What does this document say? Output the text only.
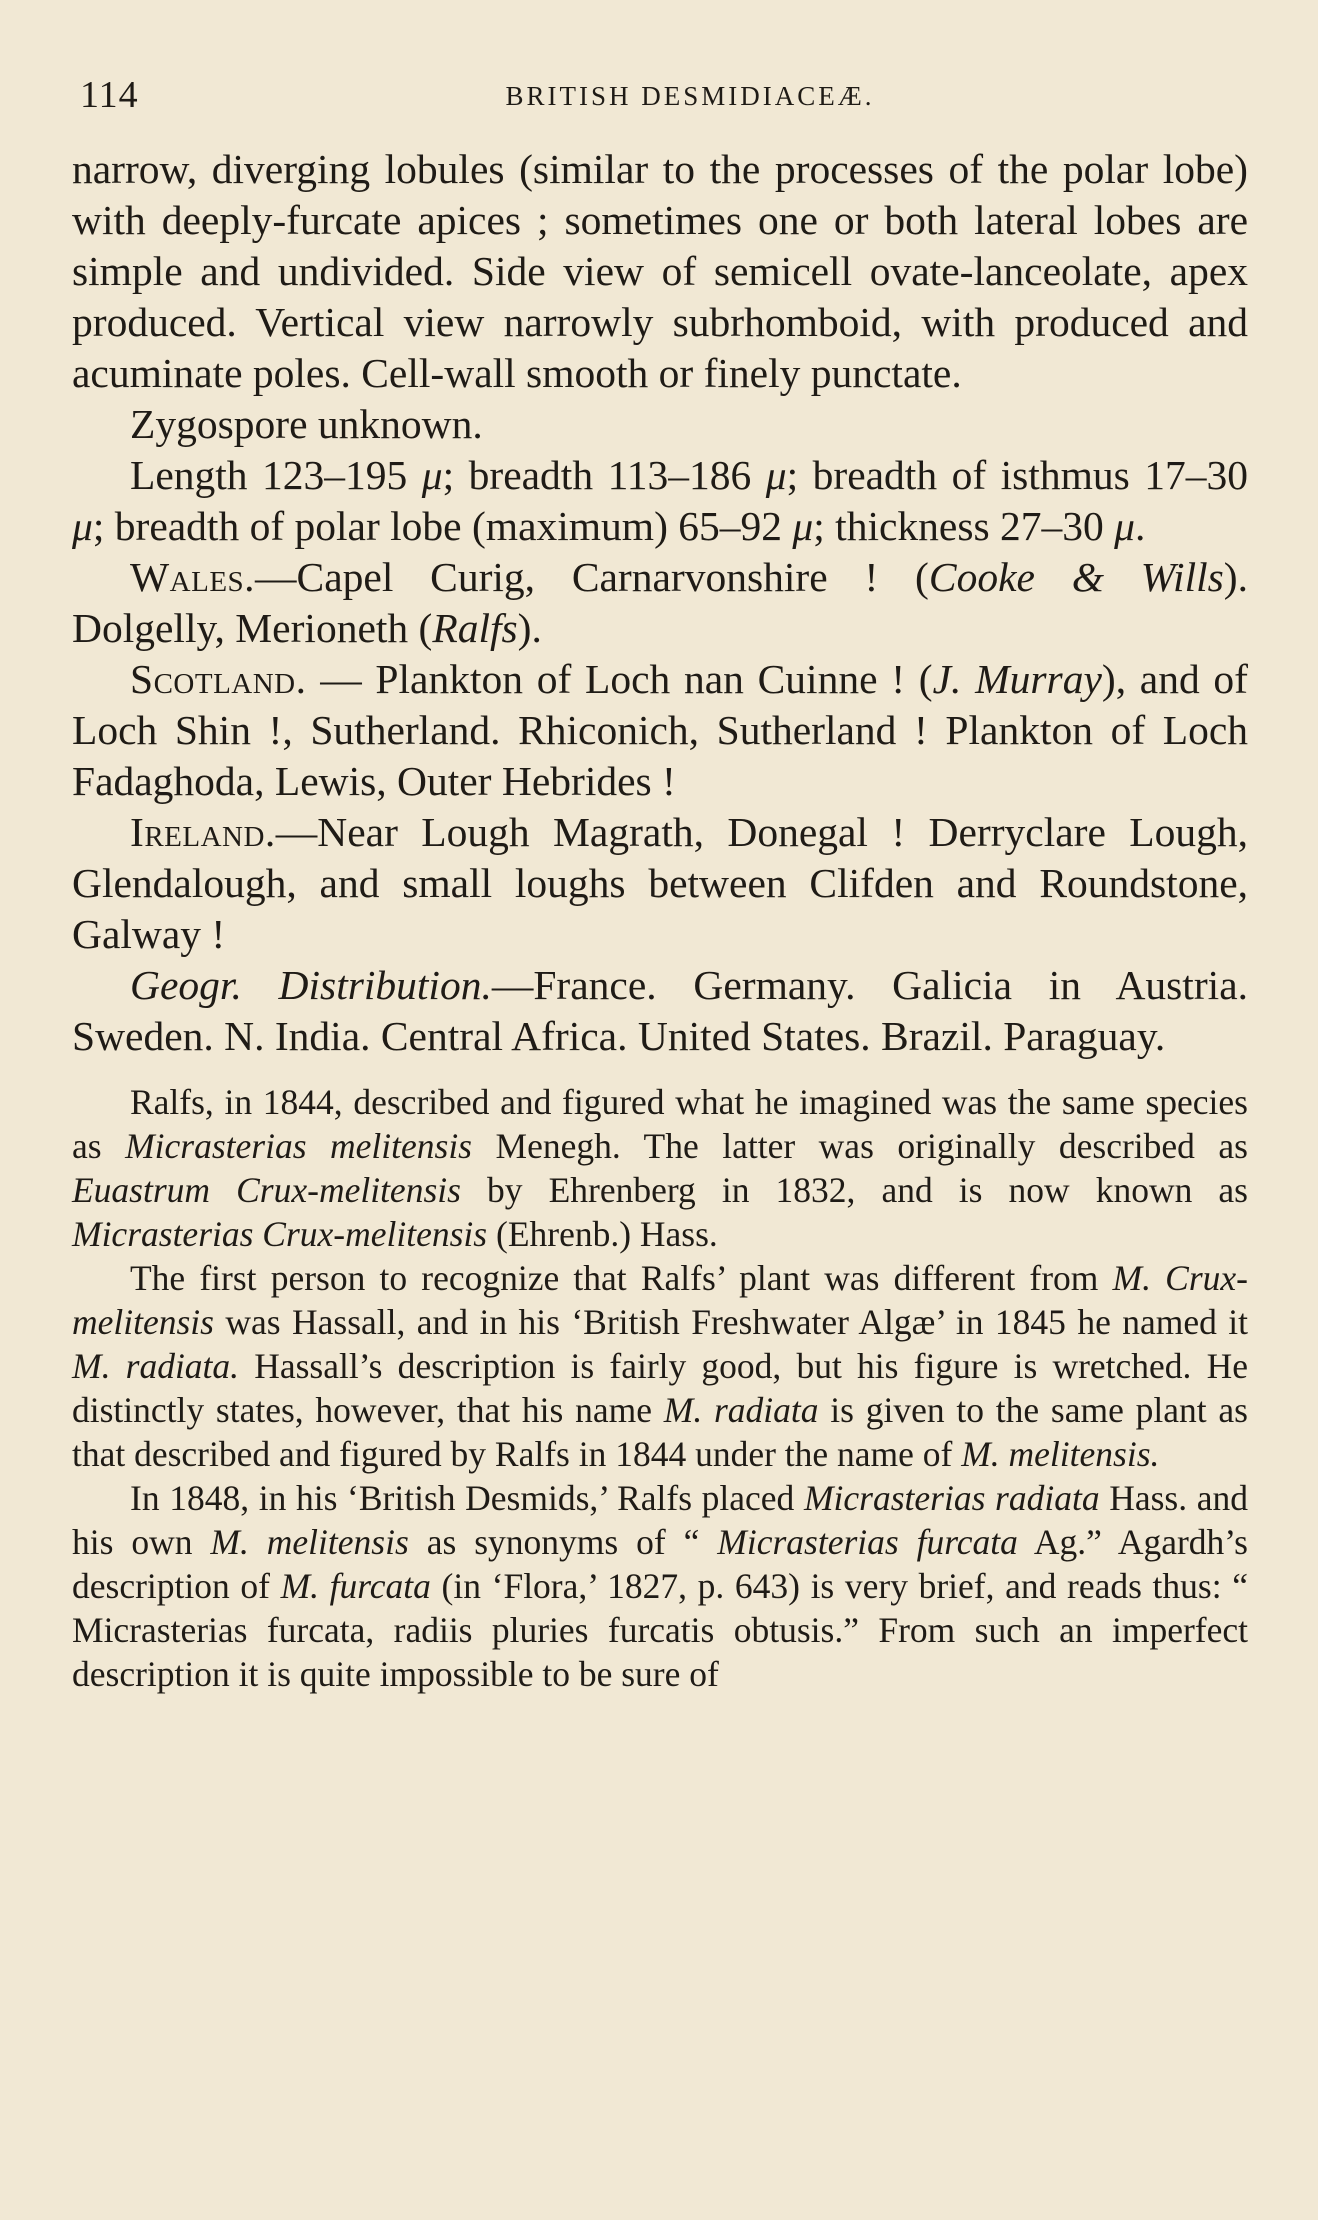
114	BRITISH DESMIDIACEÆ.

narrow, diverging lobules (similar to the processes of the polar lobe) with deeply-furcate apices ; sometimes one or both lateral lobes are simple and undivided. Side view of semicell ovate-lanceolate, apex produced. Vertical view narrowly subrhomboid, with produced and acuminate poles. Cell-wall smooth or finely punctate.

Zygospore unknown.

Length 123–195 μ; breadth 113–186 μ; breadth of isthmus 17–30 μ; breadth of polar lobe (maximum) 65–92 μ; thickness 27–30 μ.

Wales.—Capel Curig, Carnarvonshire ! (Cooke & Wills). Dolgelly, Merioneth (Ralfs).

Scotland. — Plankton of Loch nan Cuinne ! (J. Murray), and of Loch Shin !, Sutherland. Rhiconich, Sutherland ! Plankton of Loch Fadaghoda, Lewis, Outer Hebrides !

Ireland.—Near Lough Magrath, Donegal ! Derryclare Lough, Glendalough, and small loughs between Clifden and Roundstone, Galway !

Geogr. Distribution.—France. Germany. Galicia in Austria. Sweden. N. India. Central Africa. United States. Brazil. Paraguay.

Ralfs, in 1844, described and figured what he imagined was the same species as Micrasterias melitensis Menegh. The latter was originally described as Euastrum Crux-melitensis by Ehrenberg in 1832, and is now known as Micrasterias Crux-melitensis (Ehrenb.) Hass.

The first person to recognize that Ralfs’ plant was different from M. Crux-melitensis was Hassall, and in his ‘British Freshwater Algæ’ in 1845 he named it M. radiata. Hassall’s description is fairly good, but his figure is wretched. He distinctly states, however, that his name M. radiata is given to the same plant as that described and figured by Ralfs in 1844 under the name of M. melitensis.

In 1848, in his ‘British Desmids,’ Ralfs placed Micrasterias radiata Hass. and his own M. melitensis as synonyms of “ Micrasterias furcata Ag.” Agardh’s description of M. furcata (in ‘Flora,’ 1827, p. 643) is very brief, and reads thus: “ Micrasterias furcata, radiis pluries furcatis obtusis.” From such an imperfect description it is quite impossible to be sure of
